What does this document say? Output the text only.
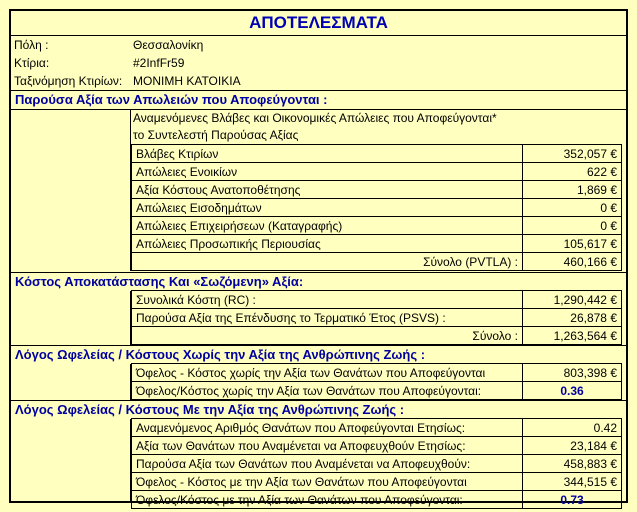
ΑΠΟΤΕΛΕΣΜΑΤΑ
Πόλη :	Θεσσαλονίκη
Κτίρια:	#2InfFr59
Ταξινόμηση Κτιρίων: ΜΟΝΙΜΗ ΚΑΤΟΙΚΙΑ
Παρούσα Αξία των Απωλειών που Αποφεύγονται :
Αναμενόμενες Βλάβες και Οικονομικές Απώλειες που Αποφεύγονται*
το Συντελεστή Παρούσας Αξίας
Βλάβες Κτιρίων	352,057 €
Απώλειες Ενοικίων	622 €
Αξία Κόστους Ανατοποθέτησης	1,869 €
Απώλειες Εισοδημάτων	0 €
Απώλειες Επιχειρήσεων (Καταγραφής)	0 €
Απώλειες Προσωπικής Περιουσίας	105,617 €
Σύνολο (PVTLA) :	460,166 €
Κόστος Αποκατάστασης Και «Σωζόμενη» Αξία:
Συνολικά Κόστη (RC) :	1,290,442 €
Παρούσα Αξία της Επένδυσης το Τερματικό Έτος (PSVS) :	26,878 €
Σύνολο :	1,263,564 €
Λόγος Ωφελείας / Κόστους Χωρίς την Αξία της Ανθρώπινης Ζωής :
Όφελος - Κόστος χωρίς την Αξία των Θανάτων που Αποφεύγονται	803,398 €
Όφελος/Κόστος χωρίς την Αξία των Θανάτων που Αποφεύγονται:	0.36
Λόγος Ωφελείας / Κόστους Με την Αξία της Ανθρώπινης Ζωής :
Αναμενόμενος Αριθμός Θανάτων που Αποφεύγονται Ετησίως:	0.42
Αξία των Θανάτων που Αναμένεται να Αποφευχθούν Ετησίως:	23,184 €
Παρούσα Αξία των Θανάτων που Αναμένεται να Αποφευχθούν:	458,883 €
Όφελος - Κόστος με την Αξία των Θανάτων που Αποφεύγονται	344,515 €
Όφελος/Κόστος με την Αξία των Θανάτων που Αποφεύγονται:	0.73
